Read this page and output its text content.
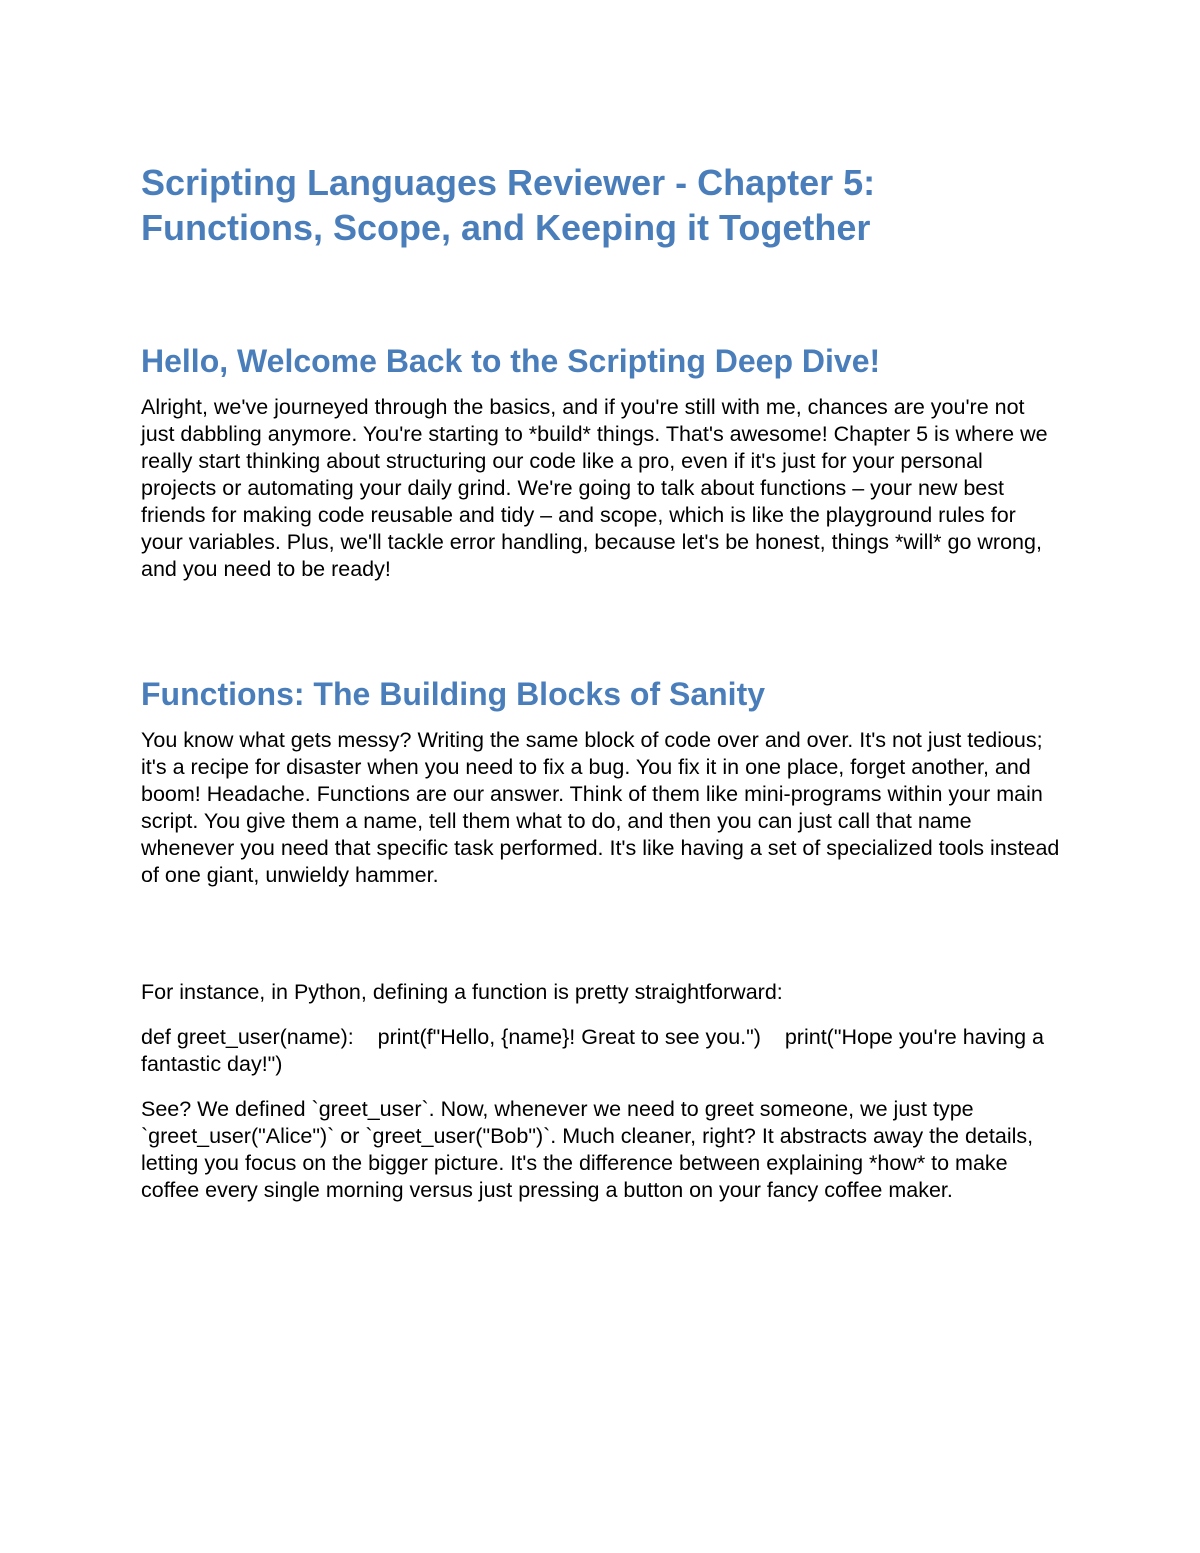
Scripting Languages Reviewer - Chapter 5:
Functions, Scope, and Keeping it Together
Hello, Welcome Back to the Scripting Deep Dive!

Alright, we've journeyed through the basics, and if you're still with me, chances are you're not just dabbling anymore. You're starting to *build* things. That's awesome! Chapter 5 is where we really start thinking about structuring our code like a pro, even if it's just for your personal projects or automating your daily grind. We're going to talk about functions – your new best friends for making code reusable and tidy – and scope, which is like the playground rules for your variables. Plus, we'll tackle error handling, because let's be honest, things *will* go wrong, and you need to be ready!

Functions: The Building Blocks of Sanity

You know what gets messy? Writing the same block of code over and over. It's not just tedious; it's a recipe for disaster when you need to fix a bug. You fix it in one place, forget another, and boom! Headache. Functions are our answer. Think of them like mini-programs within your main script. You give them a name, tell them what to do, and then you can just call that name whenever you need that specific task performed. It's like having a set of specialized tools instead of one giant, unwieldy hammer.

For instance, in Python, defining a function is pretty straightforward:

def greet_user(name):    print(f"Hello, {name}! Great to see you.")    print("Hope you're having a fantastic day!")

See? We defined `greet_user`. Now, whenever we need to greet someone, we just type `greet_user("Alice")` or `greet_user("Bob")`. Much cleaner, right? It abstracts away the details, letting you focus on the bigger picture. It's the difference between explaining *how* to make coffee every single morning versus just pressing a button on your fancy coffee maker.
